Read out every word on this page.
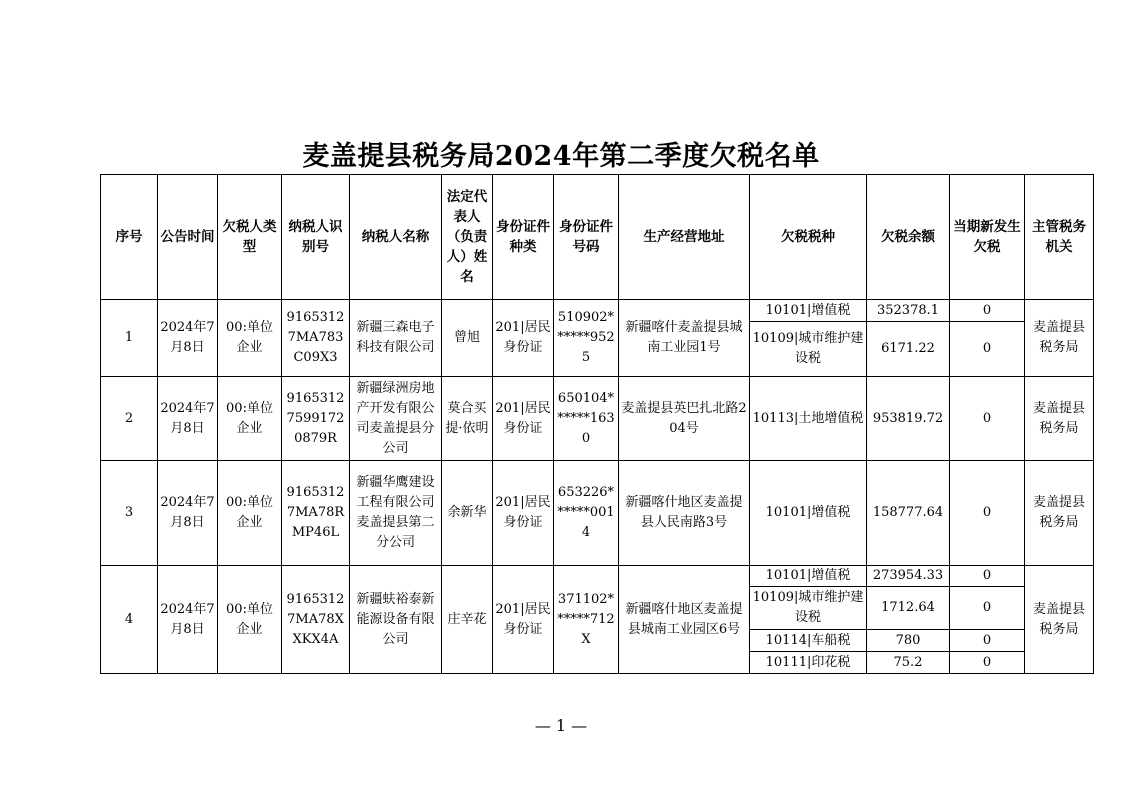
麦盖提县税务局2024年第二季度欠税名单
序号	公告时间	欠税人类型	纳税人识别号	纳税人名称	法定代表人（负责人）姓名	身份证件种类	身份证件号码	生产经营地址	欠税税种	欠税余额	当期新发生欠税	主管税务机关
1	2024年7月8日	00:单位企业	91653127MA783C09X3	新疆三森电子科技有限公司	曾旭	201|居民身份证	510902******9525	新疆喀什麦盖提县城南工业园1号	10101|增值税	352378.1	0	麦盖提县税务局
									10109|城市维护建设税	6171.22	0	
2	2024年7月8日	00:单位企业	916531275991720879R	新疆绿洲房地产开发有限公司麦盖提县分公司	莫合买提·依明	201|居民身份证	650104******1630	麦盖提县英巴扎北路204号	10113|土地增值税	953819.72	0	麦盖提县税务局
3	2024年7月8日	00:单位企业	91653127MA78RMP46L	新疆华鹰建设工程有限公司麦盖提县第二分公司	余新华	201|居民身份证	653226******0014	新疆喀什地区麦盖提县人民南路3号	10101|增值税	158777.64	0	麦盖提县税务局
4	2024年7月8日	00:单位企业	91653127MA78XXKX4A	新疆蚨裕泰新能源设备有限公司	庄辛花	201|居民身份证	371102******712X	新疆喀什地区麦盖提县城南工业园区6号	10101|增值税	273954.33	0	麦盖提县税务局
									10109|城市维护建设税	1712.64	0	
									10114|车船税	780	0	
									10111|印花税	75.2	0	
— 1 —
